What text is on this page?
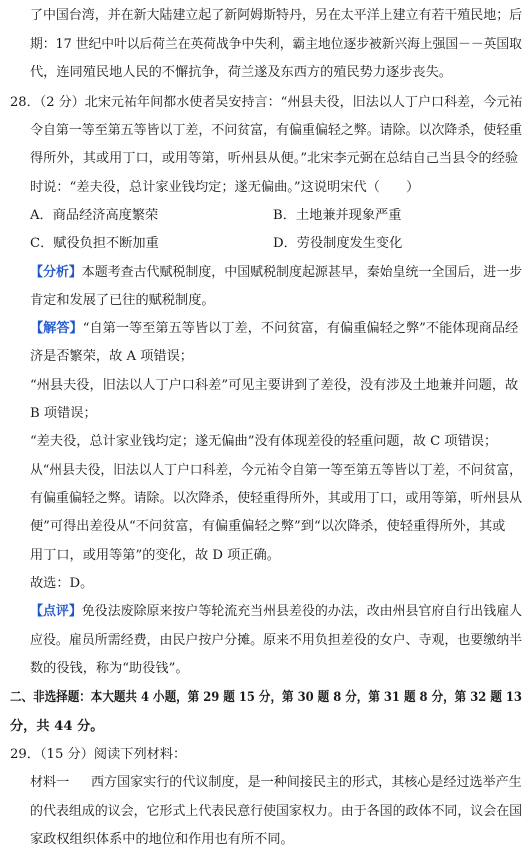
了中国台湾，并在新大陆建立起了新阿姆斯特丹，另在太平洋上建立有若干殖民地；后
期：17 世纪中叶以后荷兰在英荷战争中失利，霸主地位逐步被新兴海上强国－－英国取
代，连同殖民地人民的不懈抗争，荷兰遂及东西方的殖民势力逐步丧失。
28．（2 分）北宋元祐年间都水使者吴安持言：“州县夫役，旧法以人丁户口科差，今元祐
令自第一等至第五等皆以丁差，不问贫富，有偏重偏轻之弊。请除。以次降杀，使轻重
得所外，其或用丁口，或用等第，听州县从便。”北宋李元弼在总结自己当县令的经验
时说：“差夫役，总计家业钱均定；遂无偏曲。”这说明宋代（　　）
A．商品经济高度繁荣	B．土地兼并现象严重
C．赋役负担不断加重	D．劳役制度发生变化
【分析】本题考查古代赋税制度，中国赋税制度起源甚早，秦始皇统一全国后，进一步
肯定和发展了已往的赋税制度。
【解答】“自第一等至第五等皆以丁差，不问贫富，有偏重偏轻之弊”不能体现商品经
济是否繁荣，故 A 项错误；
“州县夫役，旧法以人丁户口科差”可见主要讲到了差役，没有涉及土地兼并问题，故
B 项错误；
“差夫役，总计家业钱均定；遂无偏曲”没有体现差役的轻重问题，故 C 项错误；
从“州县夫役，旧法以人丁户口科差，今元祐令自第一等至第五等皆以丁差，不问贫富，
有偏重偏轻之弊。请除。以次降杀，使轻重得所外，其或用丁口，或用等第，听州县从
便”可得出差役从“不问贫富，有偏重偏轻之弊”到“以次降杀，使轻重得所外，其或
用丁口，或用等第”的变化，故 D 项正确。
故选：D。
【点评】免役法废除原来按户等轮流充当州县差役的办法，改由州县官府自行出钱雇人
应役。雇员所需经费，由民户按户分摊。原来不用负担差役的女户、寺观，也要缴纳半
数的役钱，称为“助役钱”。
二、非选择题：本大题共 4 小题，第 29 题 15 分，第 30 题 8 分，第 31 题 8 分，第 32 题 13
分，共 44 分。
29．（15 分）阅读下列材料：
材料一 西方国家实行的代议制度，是一种间接民主的形式，其核心是经过选举产生
的代表组成的议会，它形式上代表民意行使国家权力。由于各国的政体不同，议会在国
家政权组织体系中的地位和作用也有所不同。
